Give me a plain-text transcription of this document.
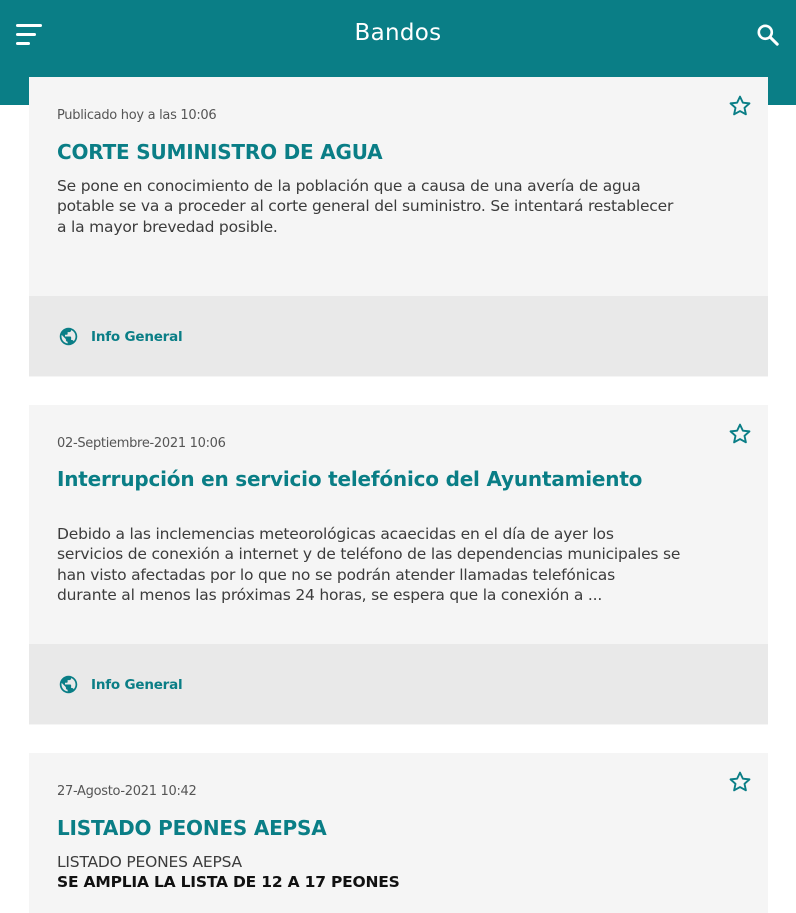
Bandos
Publicado hoy a las 10:06
CORTE SUMINISTRO DE AGUA
Se pone en conocimiento de la población que a causa de una avería de agua
potable se va a proceder al corte general del suministro. Se intentará restablecer
a la mayor brevedad posible.
Info General
02-Septiembre-2021 10:06
Interrupción en servicio telefónico del Ayuntamiento
Debido a las inclemencias meteorológicas acaecidas en el día de ayer los
servicios de conexión a internet y de teléfono de las dependencias municipales se
han visto afectadas por lo que no se podrán atender llamadas telefónicas
durante al menos las próximas 24 horas, se espera que la conexión a ...
Info General
27-Agosto-2021 10:42
LISTADO PEONES AEPSA
LISTADO PEONES AEPSA
SE AMPLIA LA LISTA DE 12 A 17 PEONES
